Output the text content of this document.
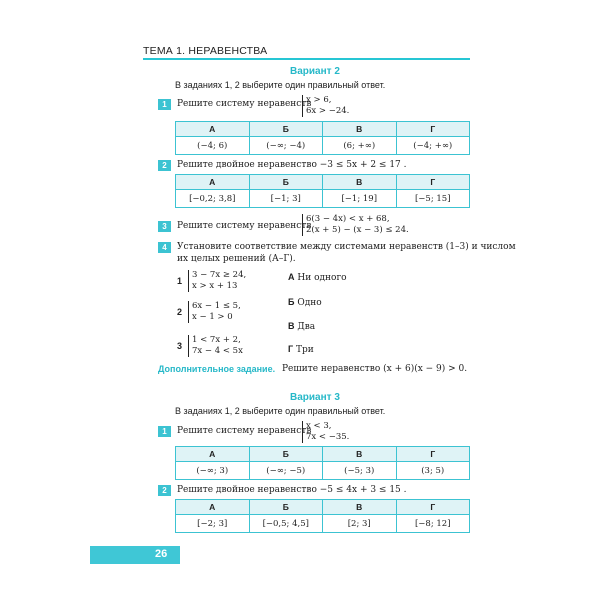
ТЕМА 1. НЕРАВЕНСТВА
Вариант 2
В заданиях 1, 2 выберите один правильный ответ.
1	Решите систему неравенств
x > 6,
6x > −24.
А	Б	В	Г
(−4; 6)	(−∞; −4)	(6; +∞)	(−4; +∞)
2	Решите двойное неравенство −3 ≤ 5x + 2 ≤ 17 .
А	Б	В	Г
[−0,2; 3,8]	[−1; 3]	[−1; 19]	[−5; 15]
3	Решите систему неравенств
6(3 − 4x) < x + 68,
2(x + 5) − (x − 3) ≤ 24.
4	Установите соответствие между системами неравенств (1–3) и числом
их целых решений (А–Г).
1
3 − 7x ≥ 24,
x > x + 13
2
6x − 1 ≤ 5,
x − 1 > 0
3
1 < 7x + 2,
7x − 4 < 5x
А Ни одного
Б Одно
В Два
Г Три
Дополнительное задание. Решите неравенство (x + 6)(x − 9) > 0.
Вариант 3
В заданиях 1, 2 выберите один правильный ответ.
1	Решите систему неравенств
x < 3,
7x < −35.
А	Б	В	Г
(−∞; 3)	(−∞; −5)	(−5; 3)	(3; 5)
2	Решите двойное неравенство −5 ≤ 4x + 3 ≤ 15 .
А	Б	В	Г
[−2; 3]	[−0,5; 4,5]	[2; 3]	[−8; 12]
26
